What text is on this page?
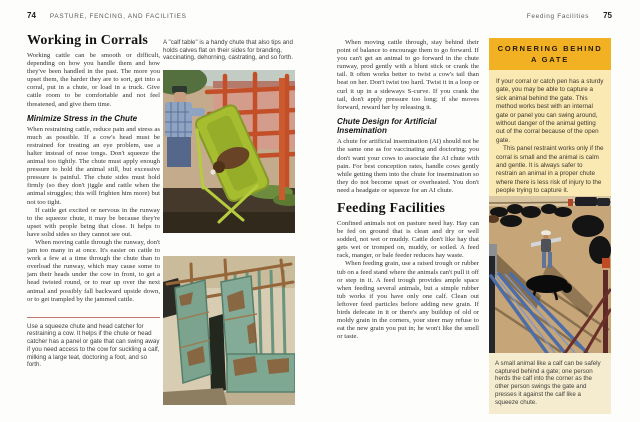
74 PASTURE, FENCING, AND FACILITIES	Feeding Facilities 75
Working in Corrals

Working cattle can be smooth or difficult, depending on how you handle them and how they've been handled in the past. The more you upset them, the harder they are to sort, get into a corral, put in a chute, or load in a truck. Give cattle room to be comfortable and not feel threatened, and give them time.

Minimize Stress in the Chute

When restraining cattle, reduce pain and stress as much as possible. If a cow's head must be restrained for treating an eye problem, use a halter instead of nose tongs. Don't squeeze the animal too tightly. The chute must apply enough pressure to hold the animal still, but excessive pressure is painful. The chute sides must hold firmly (so they don't jiggle and rattle when the animal struggles; this will frighten him more) but not too tight.

If cattle get excited or nervous in the runway to the squeeze chute, it may be because they're upset with people being that close. It helps to have solid sides so they cannot see out.

When moving cattle through the runway, don't jam too many in at once. It's easier on cattle to work a few at a time through the chute than to overload the runway, which may cause some to jam their heads under the cow in front, to get a head twisted round, or to rear up over the next animal and possibly fall backward upside down, or to get trampled by the jammed cattle.

Use a squeeze chute and head catcher for restraining a cow. It helps if the chute or head catcher has a panel or gate that can swing away if you need access to the cow for suckling a calf, milking a large teat, doctoring a foot, and so forth.
A "calf table" is a handy chute that also tips and holds calves flat on their sides for branding, vaccinating, dehorning, castrating, and so forth.

When moving cattle through, stay behind their point of balance to encourage them to go forward. If you can't get an animal to go forward in the chute runway, prod gently with a blunt stick or crank the tail. It often works better to twist a cow's tail than beat on her. Don't twist too hard. Twist it in a loop or curl it up in a sideways S-curve. If you crank the tail, don't apply pressure too long; if she moves forward, reward her by releasing it.

Chute Design for Artificial Insemination

A chute for artificial insemination (AI) should not be the same one as for vaccinating and doctoring; you don't want your cows to associate the AI chute with pain. For best conception rates, handle cows gently while getting them into the chute for insemination so they do not become upset or overheated. You don't need a headgate or squeeze for an AI chute.

Feeding Facilities

Confined animals not on pasture need hay. Hay can be fed on ground that is clean and dry or well sodded, not wet or muddy. Cattle don't like hay that gets wet or tromped on, muddy, or soiled. A feed rack, manger, or bale feeder reduces hay waste.

When feeding grain, use a raised trough or rubber tub on a feed stand where the animals can't pull it off or step in it. A feed trough provides ample space when feeding several animals, but a simple rubber tub works if you have only one calf. Clean out leftover feed particles before adding new grain. If birds defecate in it or there's any buildup of old or moldy grain in the corners, your steer may refuse to eat the new grain you put in; he won't like the smell or taste.

CORNERING BEHIND A GATE

If your corral or catch pen has a sturdy gate, you may be able to capture a sick animal behind the gate. This method works best with an internal gate or panel you can swing around, without danger of the animal getting out of the corral because of the open gate.

This panel restraint works only if the corral is small and the animal is calm and gentle. It is always safer to restrain an animal in a proper chute where there is less risk of injury to the people trying to capture it.

A small animal like a calf can be safely captured behind a gate; one person herds the calf into the corner as the other person swings the gate and presses it against the calf like a squeeze chute.
